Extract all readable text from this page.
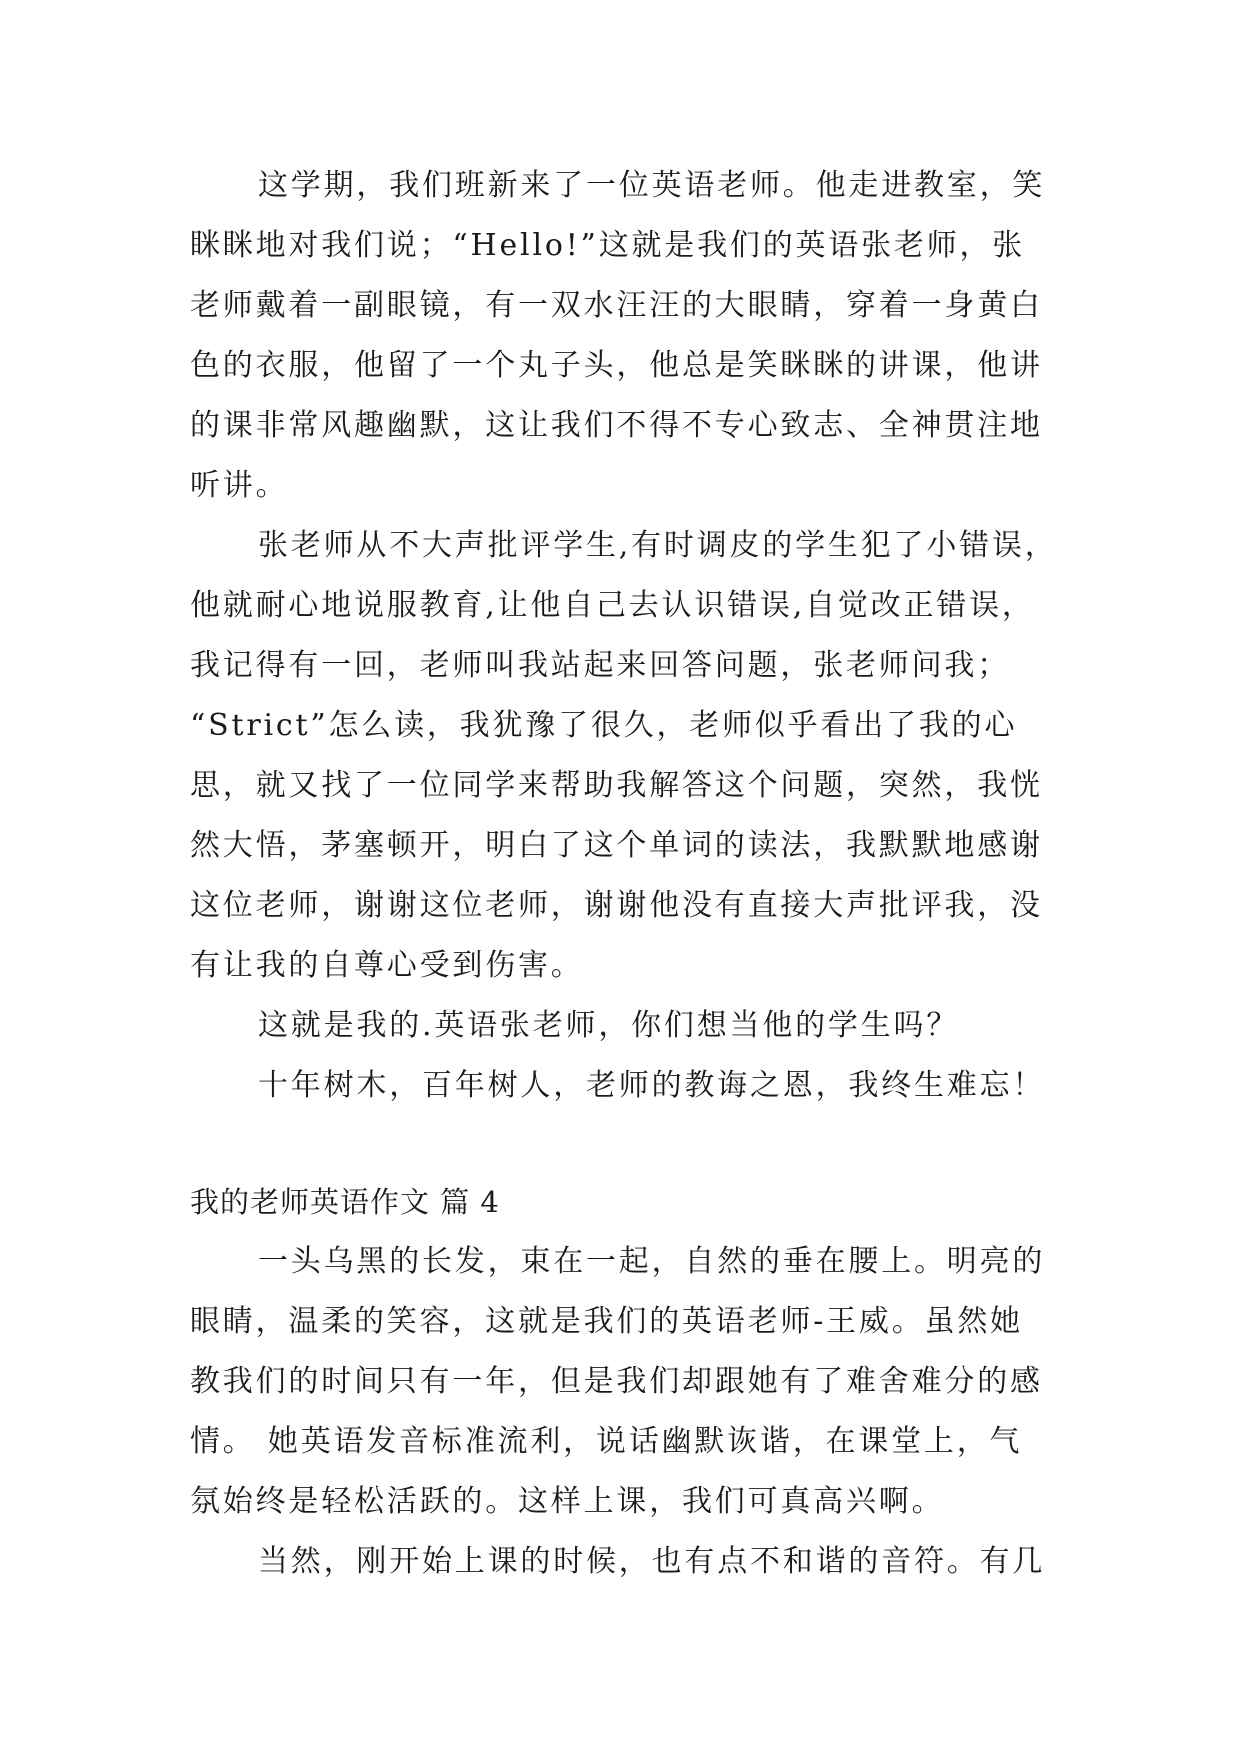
这学期，我们班新来了一位英语老师。他走进教室，笑
眯眯地对我们说；“Hello!”这就是我们的英语张老师，张
老师戴着一副眼镜，有一双水汪汪的大眼睛，穿着一身黄白
色的衣服，他留了一个丸子头，他总是笑眯眯的讲课，他讲
的课非常风趣幽默，这让我们不得不专心致志、全神贯注地
听讲。
张老师从不大声批评学生,有时调皮的学生犯了小错误，
他就耐心地说服教育,让他自己去认识错误,自觉改正错误，
我记得有一回，老师叫我站起来回答问题，张老师问我；
“Strict”怎么读，我犹豫了很久，老师似乎看出了我的心
思，就又找了一位同学来帮助我解答这个问题，突然，我恍
然大悟，茅塞顿开，明白了这个单词的读法，我默默地感谢
这位老师，谢谢这位老师，谢谢他没有直接大声批评我，没
有让我的自尊心受到伤害。
这就是我的.英语张老师，你们想当他的学生吗？
十年树木，百年树人，老师的教诲之恩，我终生难忘！
我的老师英语作文 篇 4
一头乌黑的长发，束在一起，自然的垂在腰上。明亮的
眼睛，温柔的笑容，这就是我们的英语老师-王威。虽然她
教我们的时间只有一年，但是我们却跟她有了难舍难分的感
情。 她英语发音标准流利，说话幽默诙谐，在课堂上，气
氛始终是轻松活跃的。这样上课，我们可真高兴啊。
当然，刚开始上课的时候，也有点不和谐的音符。有几
